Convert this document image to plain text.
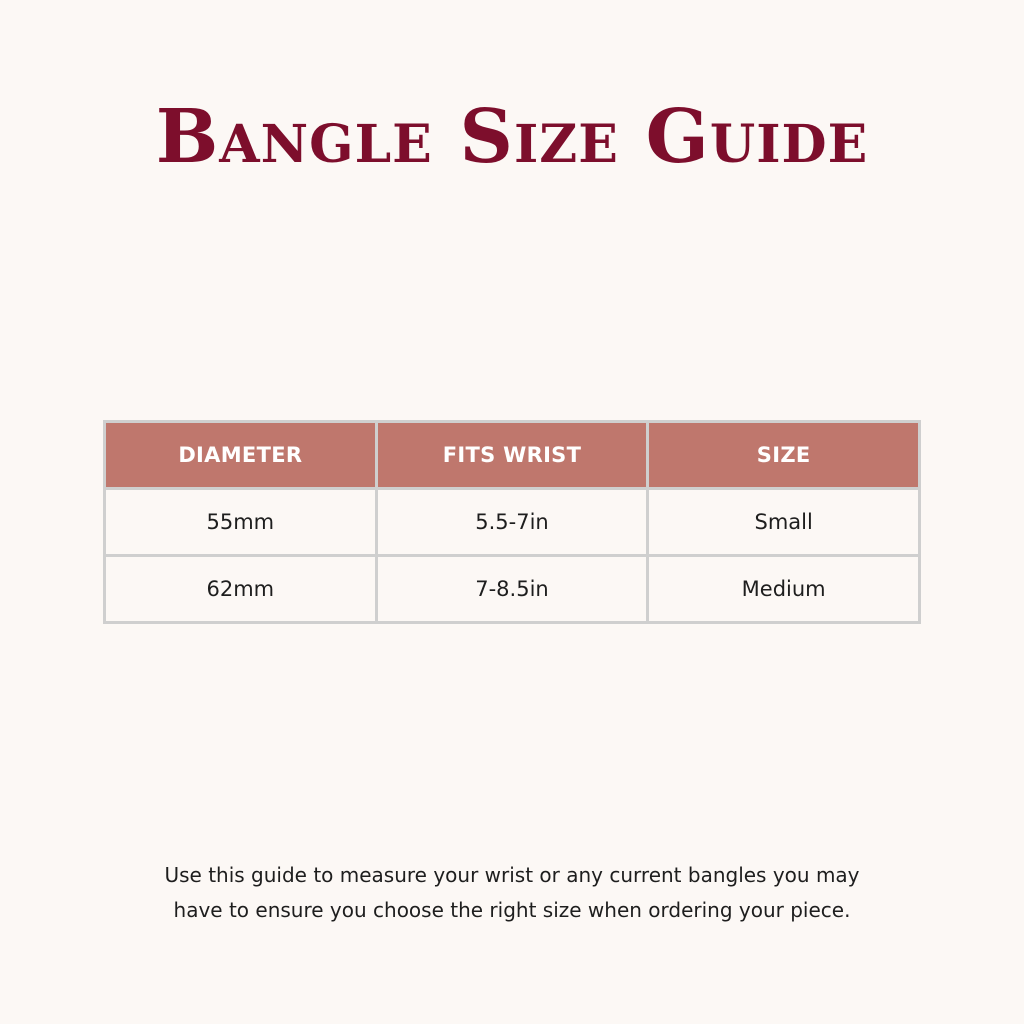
Bangle Size Guide
DIAMETER	FITS WRIST	SIZE
55mm	5.5-7in	Small
62mm	7-8.5in	Medium
Use this guide to measure your wrist or any current bangles you may
have to ensure you choose the right size when ordering your piece.
